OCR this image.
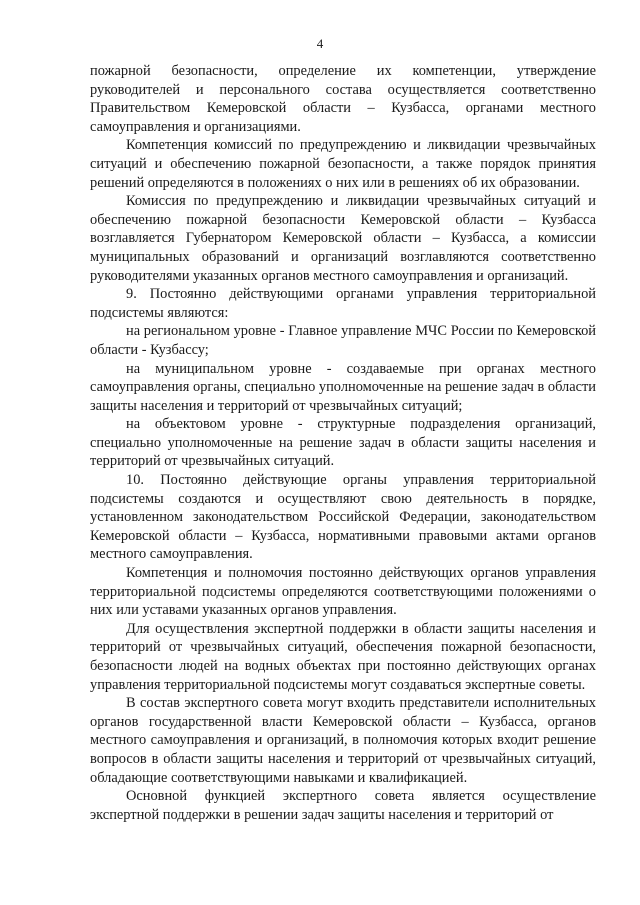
4

пожарной безопасности, определение их компетенции, утверждение руководителей и персонального состава осуществляется соответственно Правительством Кемеровской области – Кузбасса, органами местного самоуправления и организациями.

Компетенция комиссий по предупреждению и ликвидации чрезвычайных ситуаций и обеспечению пожарной безопасности, а также порядок принятия решений определяются в положениях о них или в решениях об их образовании.

Комиссия по предупреждению и ликвидации чрезвычайных ситуаций и обеспечению пожарной безопасности Кемеровской области – Кузбасса возглавляется Губернатором Кемеровской области – Кузбасса, а комиссии муниципальных образований и организаций возглавляются соответственно руководителями указанных органов местного самоуправления и организаций.

9. Постоянно действующими органами управления территориальной подсистемы являются:

на региональном уровне - Главное управление МЧС России по Кемеровской области - Кузбассу;

на муниципальном уровне - создаваемые при органах местного самоуправления органы, специально уполномоченные на решение задач в области защиты населения и территорий от чрезвычайных ситуаций;

на объектовом уровне - структурные подразделения организаций, специально уполномоченные на решение задач в области защиты населения и территорий от чрезвычайных ситуаций.

10. Постоянно действующие органы управления территориальной подсистемы создаются и осуществляют свою деятельность в порядке, установленном законодательством Российской Федерации, законодательством Кемеровской области – Кузбасса, нормативными правовыми актами органов местного самоуправления.

Компетенция и полномочия постоянно действующих органов управления территориальной подсистемы определяются соответствующими положениями о них или уставами указанных органов управления.

Для осуществления экспертной поддержки в области защиты населения и территорий от чрезвычайных ситуаций, обеспечения пожарной безопасности, безопасности людей на водных объектах при постоянно действующих органах управления территориальной подсистемы могут создаваться экспертные советы.

В состав экспертного совета могут входить представители исполнительных органов государственной власти Кемеровской области – Кузбасса, органов местного самоуправления и организаций, в полномочия которых входит решение вопросов в области защиты населения и территорий от чрезвычайных ситуаций, обладающие соответствующими навыками и квалификацией.

Основной функцией экспертного совета является осуществление экспертной поддержки в решении задач защиты населения и территорий от
